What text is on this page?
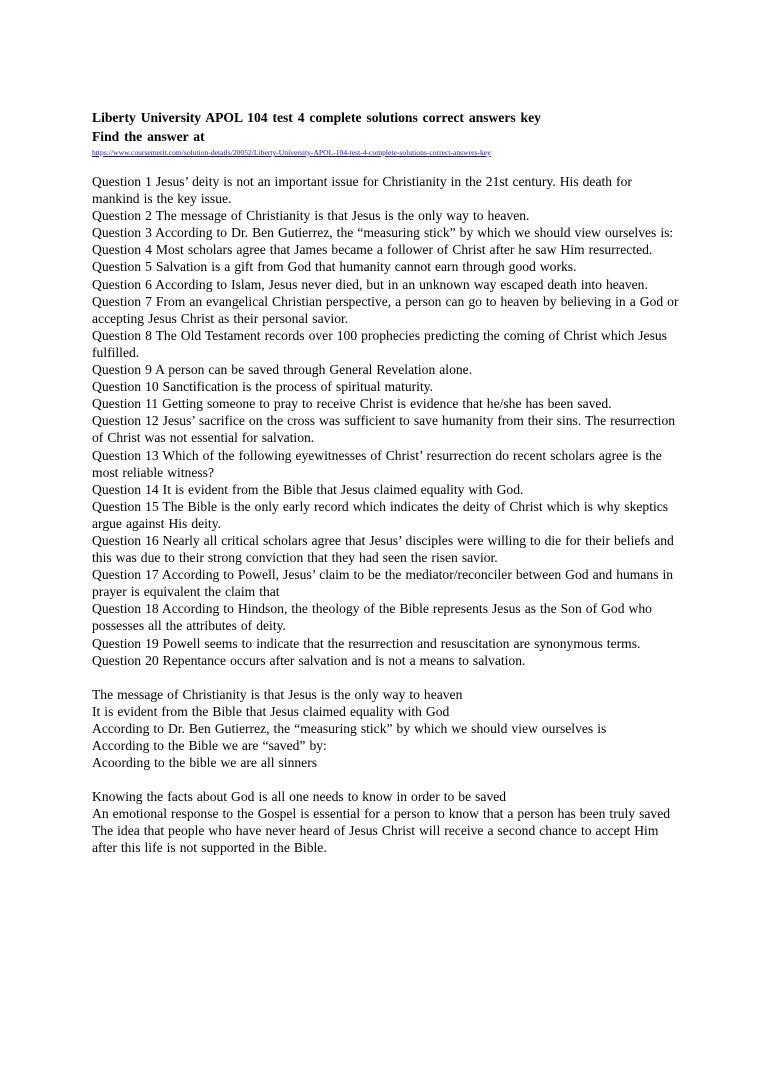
Liberty University APOL 104 test 4 complete solutions correct answers key
Find the answer at
https://www.coursemerit.com/solution-details/20052/Liberty-University-APOL-104-test-4-complete-solutions-correct-answers-key
Question 1 Jesus’ deity is not an important issue for Christianity in the 21st century. His death for mankind is the key issue.
Question 2 The message of Christianity is that Jesus is the only way to heaven.
Question 3 According to Dr. Ben Gutierrez, the “measuring stick” by which we should view ourselves is:
Question 4 Most scholars agree that James became a follower of Christ after he saw Him resurrected.
Question 5 Salvation is a gift from God that humanity cannot earn through good works.
Question 6 According to Islam, Jesus never died, but in an unknown way escaped death into heaven.
Question 7 From an evangelical Christian perspective, a person can go to heaven by believing in a God or accepting Jesus Christ as their personal savior.
Question 8 The Old Testament records over 100 prophecies predicting the coming of Christ which Jesus fulfilled.
Question 9 A person can be saved through General Revelation alone.
Question 10 Sanctification is the process of spiritual maturity.
Question 11 Getting someone to pray to receive Christ is evidence that he/she has been saved.
Question 12 Jesus’ sacrifice on the cross was sufficient to save humanity from their sins. The resurrection of Christ was not essential for salvation.
Question 13 Which of the following eyewitnesses of Christ’ resurrection do recent scholars agree is the most reliable witness?
Question 14 It is evident from the Bible that Jesus claimed equality with God.
Question 15 The Bible is the only early record which indicates the deity of Christ which is why skeptics argue against His deity.
Question 16 Nearly all critical scholars agree that Jesus’ disciples were willing to die for their beliefs and this was due to their strong conviction that they had seen the risen savior.
Question 17 According to Powell, Jesus’ claim to be the mediator/reconciler between God and humans in prayer is equivalent the claim that
Question 18 According to Hindson, the theology of the Bible represents Jesus as the Son of God who possesses all the attributes of deity.
Question 19 Powell seems to indicate that the resurrection and resuscitation are synonymous terms.
Question 20 Repentance occurs after salvation and is not a means to salvation.
The message of Christianity is that Jesus is the only way to heaven
It is evident from the Bible that Jesus claimed equality with God
According to Dr. Ben Gutierrez, the “measuring stick” by which we should view ourselves is
According to the Bible we are “saved” by:
Acoording to the bible we are all sinners
Knowing the facts about God is all one needs to know in order to be saved
An emotional response to the Gospel is essential for a person to know that a person has been truly saved
The idea that people who have never heard of Jesus Christ will receive a second chance to accept Him after this life is not supported in the Bible.
